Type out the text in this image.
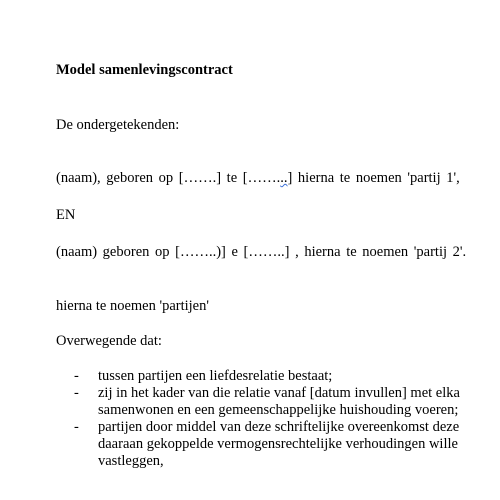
Model samenlevingscontract
De ondergetekenden:
(naam), geboren op […….] te [……...] hierna te noemen 'partij 1',
EN
(naam) geboren op [……..)] e [……..] , hierna te noemen 'partij 2'.
hierna te noemen 'partijen'
Overwegende dat:
- tussen partijen een liefdesrelatie bestaat;
- zij in het kader van die relatie vanaf [datum invullen] met elka
samenwonen en een gemeenschappelijke huishouding voeren;
- partijen door middel van deze schriftelijke overeenkomst deze
daaraan gekoppelde vermogensrechtelijke verhoudingen wille
vastleggen,
